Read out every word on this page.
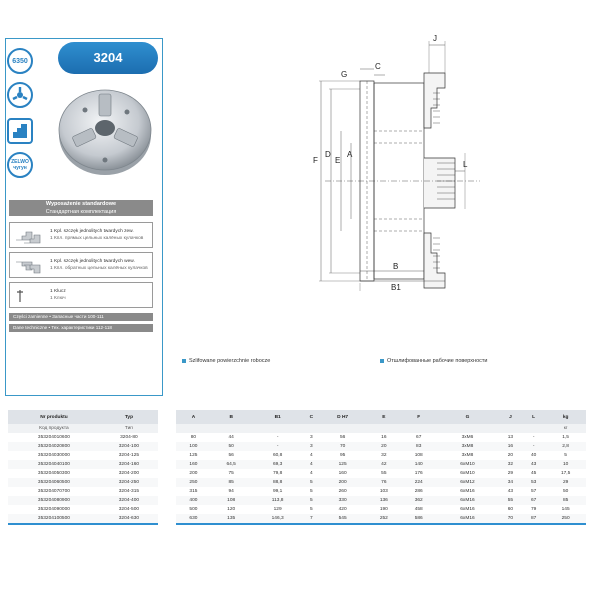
3204
6350
ZELWO
чугун
Wyposażenie standardowe
Стандартная комплектация
1 Kpl. szczęk jednolitych twardych zew.
1 Кпл. прямых цельных калёных кулачков
1 Kpl. szczęk jednolitych twardych wew.
1 Кпл. обратных цельных калёных кулачков
1 Klucz
1 Ключ
Części zamienne • Запасные части 100-111
Dane techniczne • Тех. характеристики 112-118
J
G
C
F
D
E
A
L
B
B1
Szlifowane powierzchnie robocze	Отшлифованные рабочие поверхности
Nr produktu	Typ
Код продукта	Тип
353204010600	3204-80
353204020800	3204-100
353204030000	3204-125
353204040100	3204-160
353204050300	3204-200
353204060500	3204-250
353204070700	3204-315
353204080900	3204-400
353204090000	3204-500
353204100500	3204-630
A	B	B1	C	D H7	E	F	G	J	L	kg
										кг
80	44	-	3	56	16	67	3xM6	13	-	1,5
100	50	-	3	70	20	83	3xM8	16	-	2,8
125	56	60,8	4	95	32	108	3xM8	20	40	5
160	64,5	69,3	4	125	42	140	6xM10	32	43	10
200	75	79,8	4	160	55	176	6xM10	29	45	17,5
250	85	88,8	5	200	76	224	6xM12	34	53	29
315	94	99,1	5	260	103	286	6xM16	43	57	50
400	108	113,8	5	330	136	362	6xM16	55	67	85
500	120	129	5	420	190	458	6xM16	60	79	145
630	135	146,3	7	545	252	586	6xM16	70	87	250
